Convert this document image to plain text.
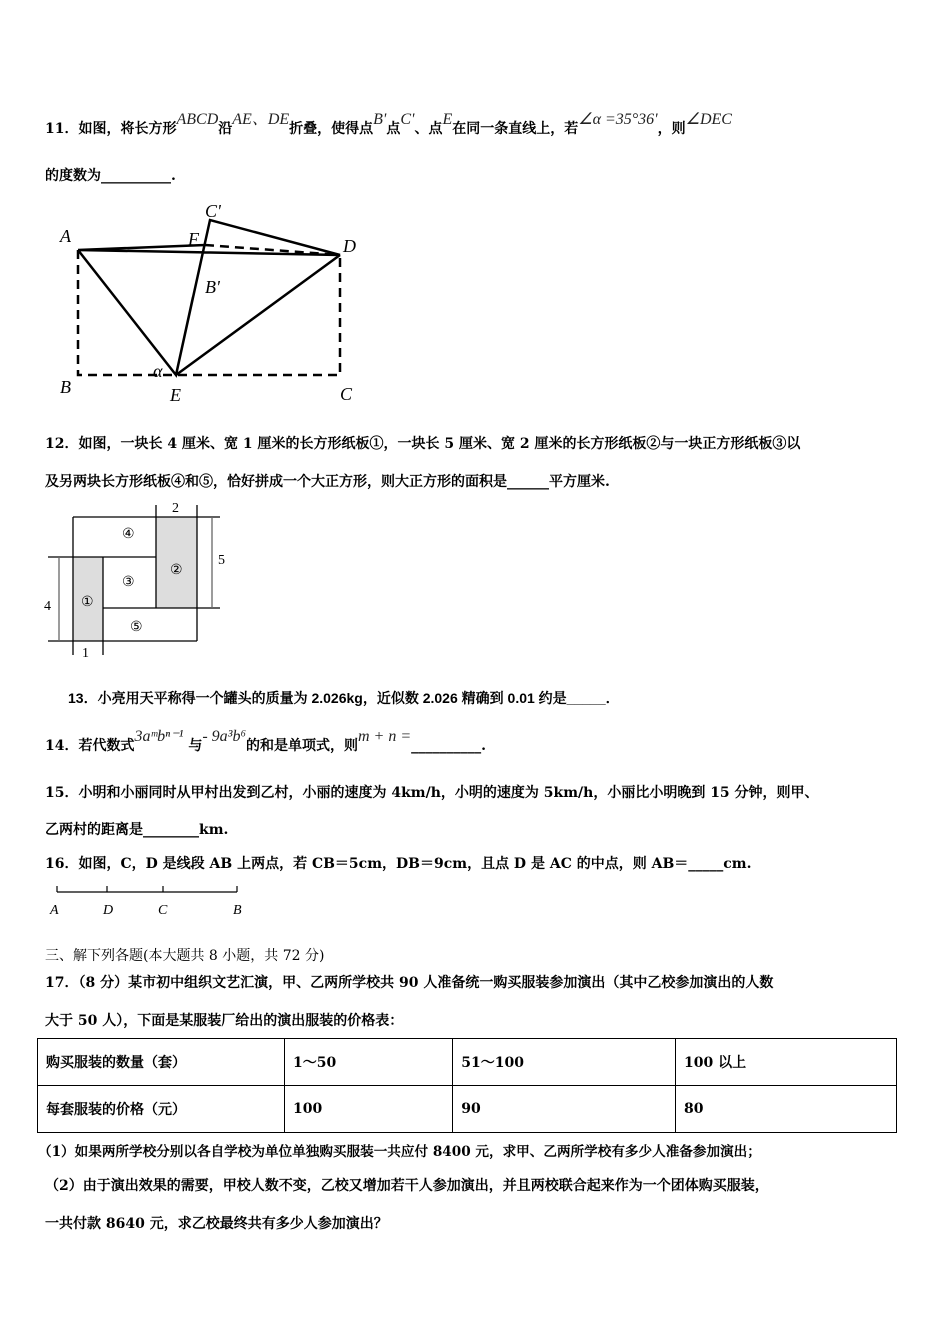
11．如图，将长方形ABCD沿AE、DE折叠，使得点B'点C'、点E在同一条直线上，若∠α =35°36'，则∠DEC
的度数为__________.
A
B	C
D
E
F
B'
C'
α
12．如图，一块长 4 厘米、宽 1 厘米的长方形纸板①，一块长 5 厘米、宽 2 厘米的长方形纸板②与一块正方形纸板③以
及另两块长方形纸板④和⑤，恰好拼成一个大正方形，则大正方形的面积是______平方厘米.
④
③
②
①
⑤
4
5
1
2
13．小亮用天平称得一个罐头的质量为 2.026kg，近似数 2.026 精确到 0.01 约是_____．
14．若代数式3aᵐbⁿ⁻¹ 与- 9a³b⁶的和是单项式，则m + n =__________.
15．小明和小丽同时从甲村出发到乙村，小丽的速度为 4km/h，小明的速度为 5km/h，小丽比小明晚到 15 分钟，则甲、
乙两村的距离是________km.
16．如图，C，D 是线段 AB 上两点，若 CB＝5cm，DB＝9cm，且点 D 是 AC 的中点，则 AB＝_____cm.
A	D	C	B
三、解下列各题(本大题共 8 小题，共 72 分)
17．（8 分）某市初中组织文艺汇演，甲、乙两所学校共 90 人准备统一购买服装参加演出（其中乙校参加演出的人数
大于 50 人），下面是某服装厂给出的演出服装的价格表：
购买服装的数量（套）	1～50	51～100	100 以上
每套服装的价格（元）	100	90	80
（1）如果两所学校分别以各自学校为单位单独购买服装一共应付 8400 元，求甲、乙两所学校有多少人准备参加演出；
（2）由于演出效果的需要，甲校人数不变，乙校又增加若干人参加演出，并且两校联合起来作为一个团体购买服装，
一共付款 8640 元，求乙校最终共有多少人参加演出？
